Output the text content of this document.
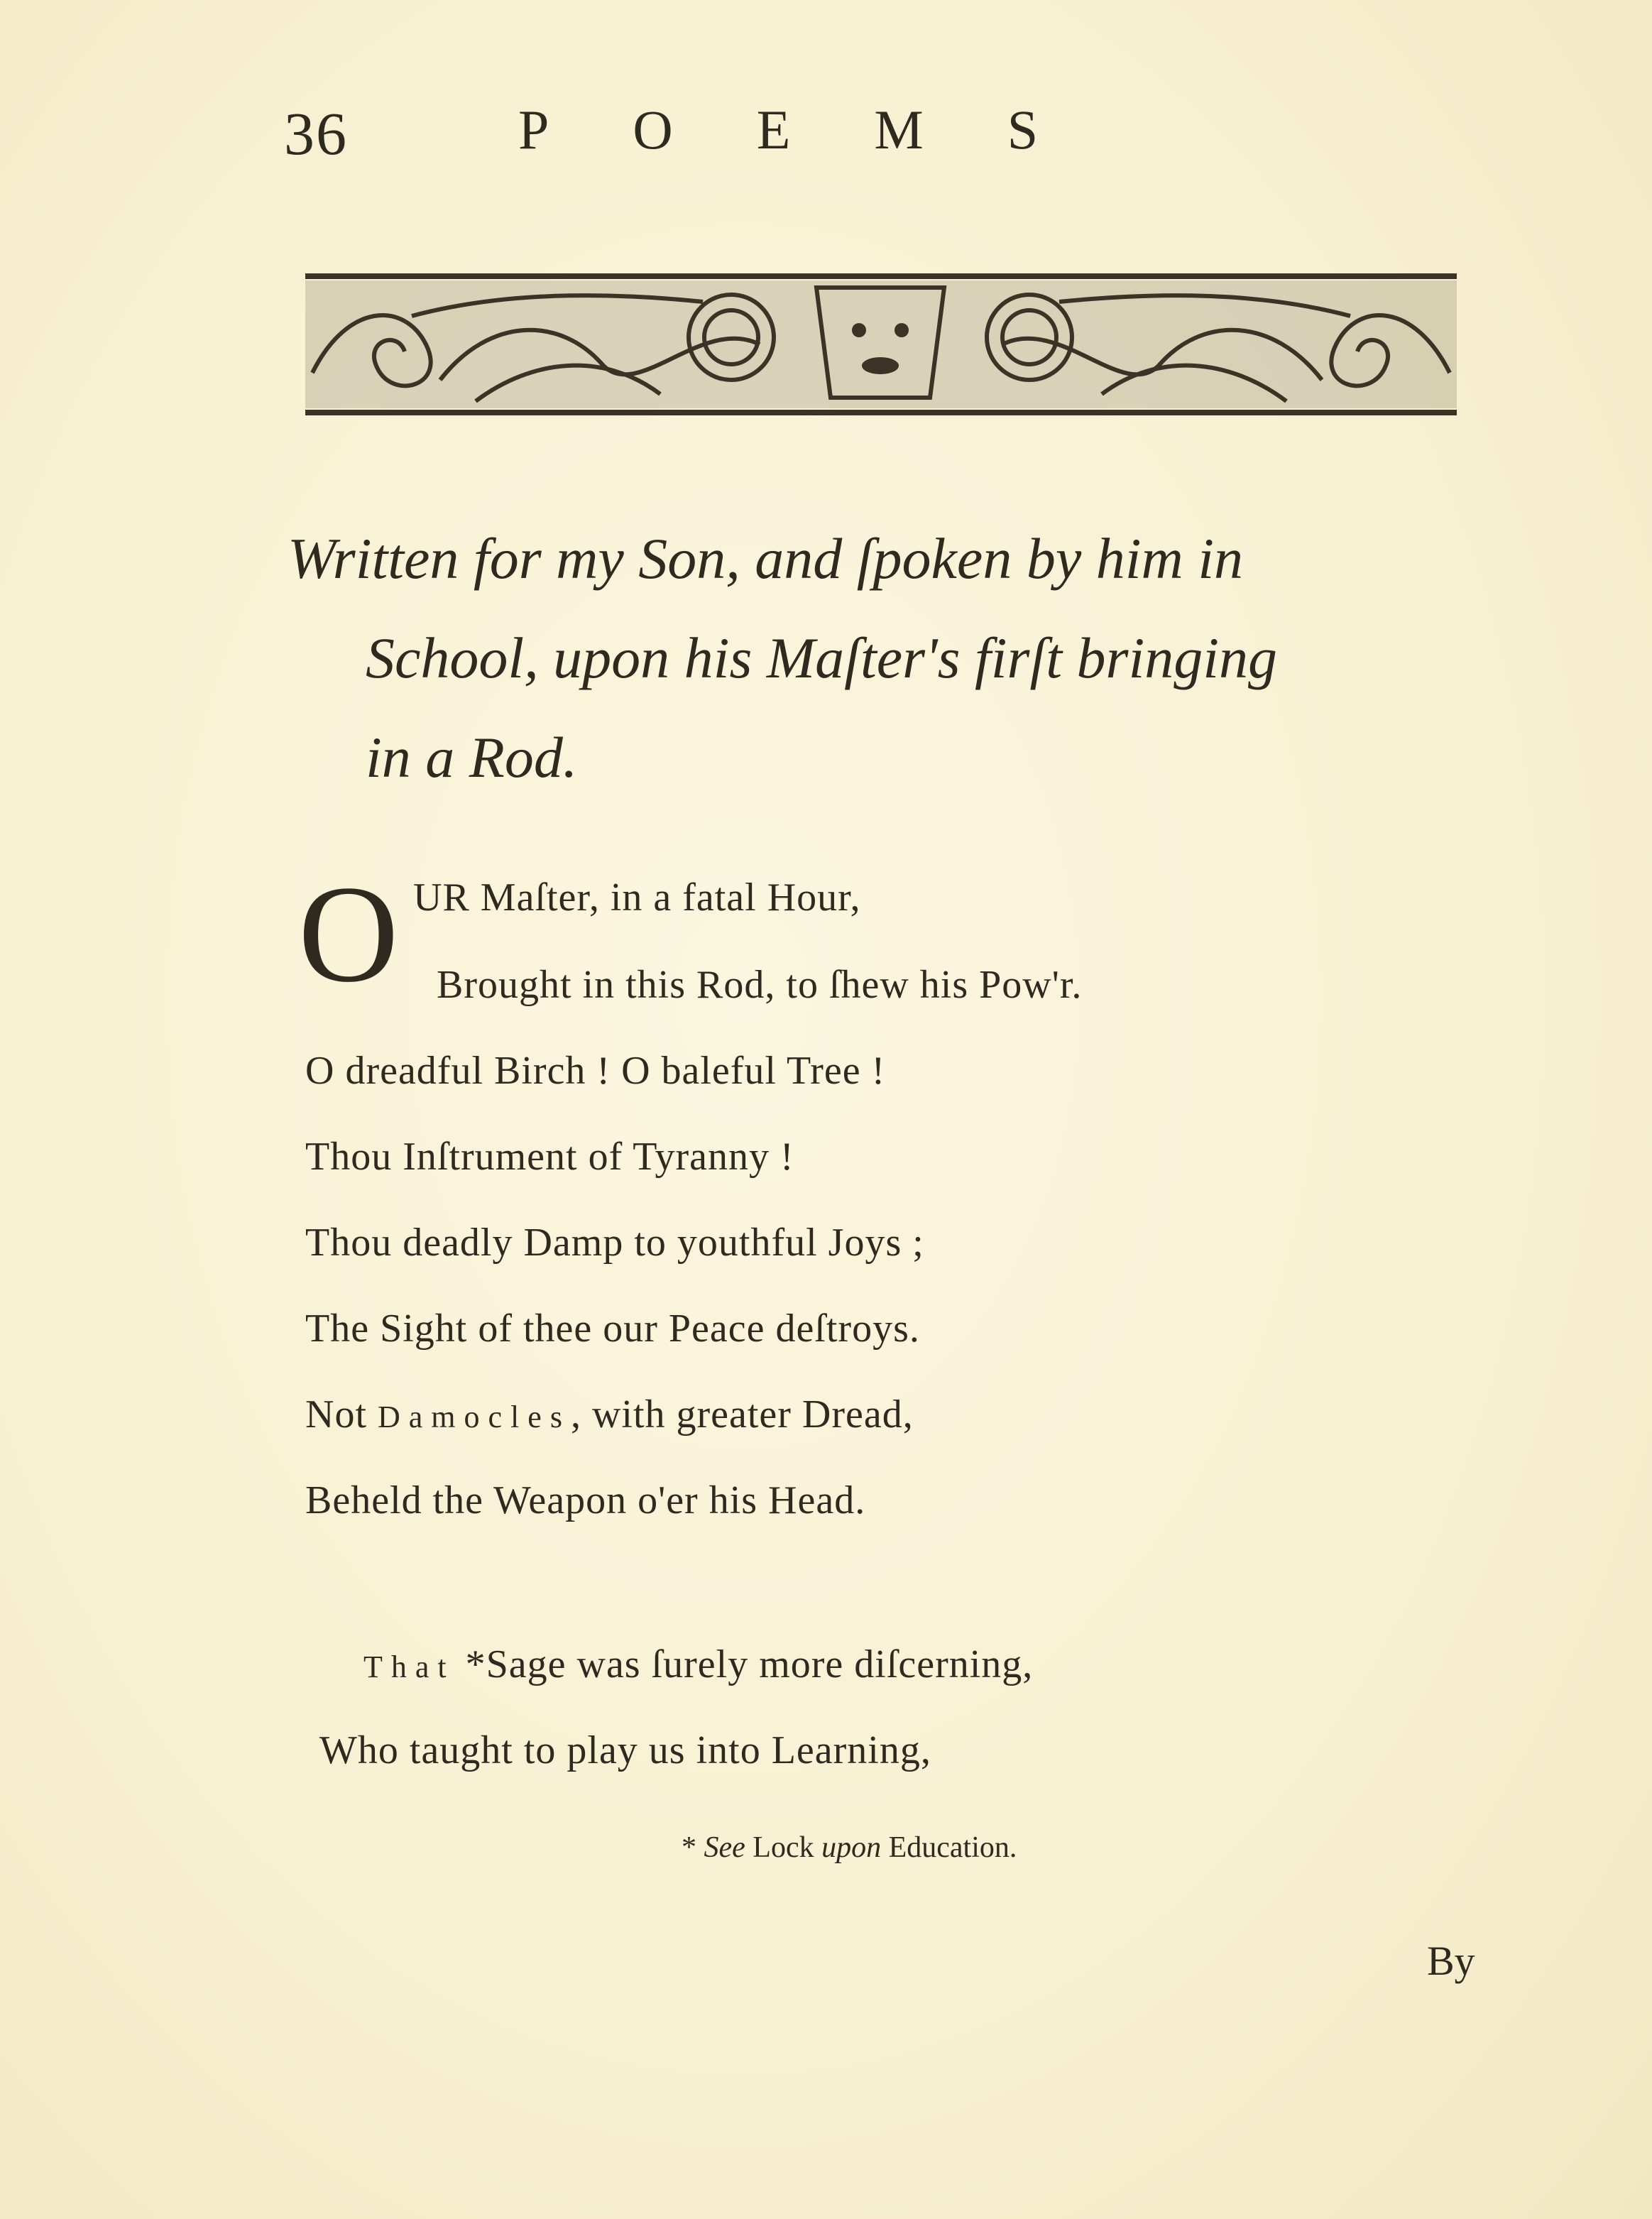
36	POEMS
Written for my Son, and ſpoken by him in
School, upon his Maſter's firſt bringing
in a Rod.
O UR Maſter, in a fatal Hour,
Brought in this Rod, to ſhew his Pow'r.
O dreadful Birch ! O baleful Tree !
Thou Inſtrument of Tyranny !
Thou deadly Damp to youthful Joys ;
The Sight of thee our Peace deſtroys.
Not Damocles, with greater Dread,
Beheld the Weapon o'er his Head.
That *Sage was ſurely more diſcerning,
Who taught to play us into Learning,
* See Lock upon Education.
By
